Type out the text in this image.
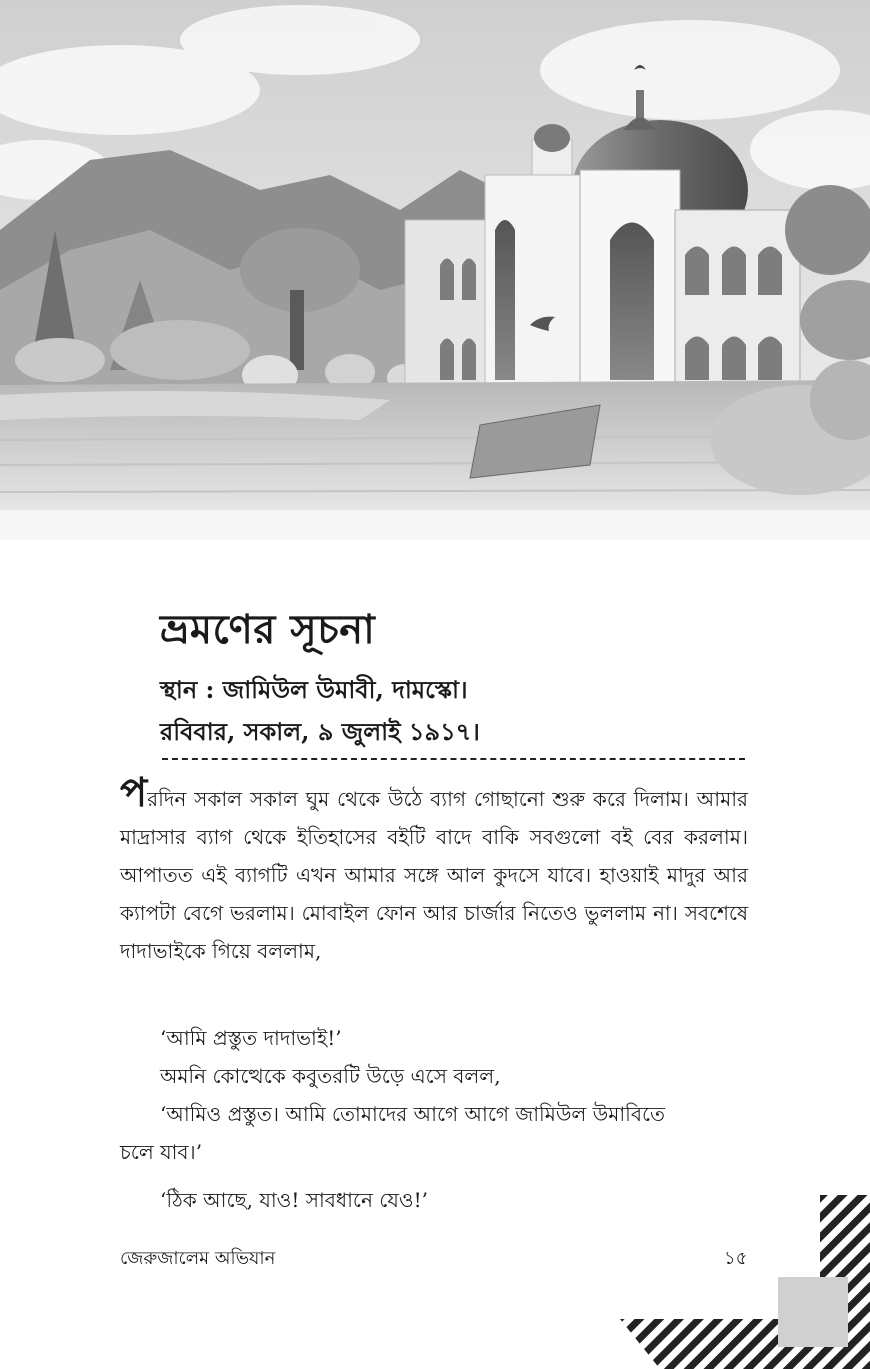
ভ্রমণের সূচনা

স্থান : জামিউল উমাবী, দামস্কো।

রবিবার, সকাল, ৯ জুলাই ১৯১৭।

পরদিন সকাল সকাল ঘুম থেকে উঠে ব্যাগ গোছানো শুরু করে দিলাম। আমার মাদ্রাসার ব্যাগ থেকে ইতিহাসের বইটি বাদে বাকি সবগুলো বই বের করলাম। আপাতত এই ব্যাগটি এখন আমার সঙ্গে আল কুদসে যাবে। হাওয়াই মাদুর আর ক্যাপটা বেগে ভরলাম। মোবাইল ফোন আর চার্জার নিতেও ভুললাম না। সবশেষে দাদাভাইকে গিয়ে বললাম,

‘আমি প্রস্তুত দাদাভাই!’

অমনি কোত্থেকে কবুতরটি উড়ে এসে বলল,

‘আমিও প্রস্তুত। আমি তোমাদের আগে আগে জামিউল উমাবিতে

চলে যাব।’

‘ঠিক আছে, যাও! সাবধানে যেও!’

জেরুজালেম অভিযান	১৫
